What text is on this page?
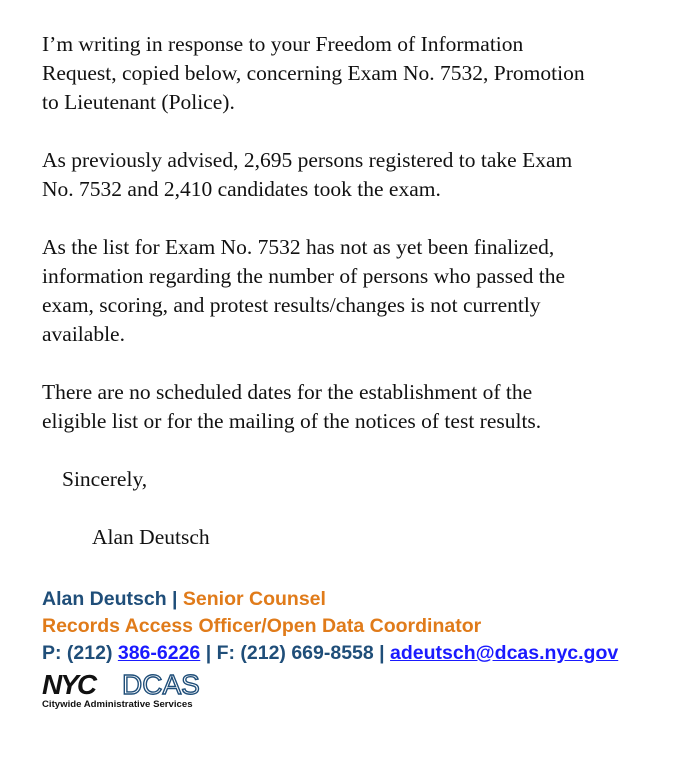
I’m writing in response to your Freedom of Information
Request, copied below, concerning Exam No. 7532, Promotion
to Lieutenant (Police).

As previously advised, 2,695 persons registered to take Exam
No. 7532 and 2,410 candidates took the exam.

As the list for Exam No. 7532 has not as yet been finalized,
information regarding the number of persons who passed the
exam, scoring, and protest results/changes is not currently
available.

There are no scheduled dates for the establishment of the
eligible list or for the mailing of the notices of test results.

Sincerely,

Alan Deutsch

Alan Deutsch | Senior Counsel
Records Access Officer/Open Data Coordinator
P: (212) 386-6226 | F: (212) 669-8558 | adeutsch@dcas.nyc.gov
NYC DCAS
Citywide Administrative Services
